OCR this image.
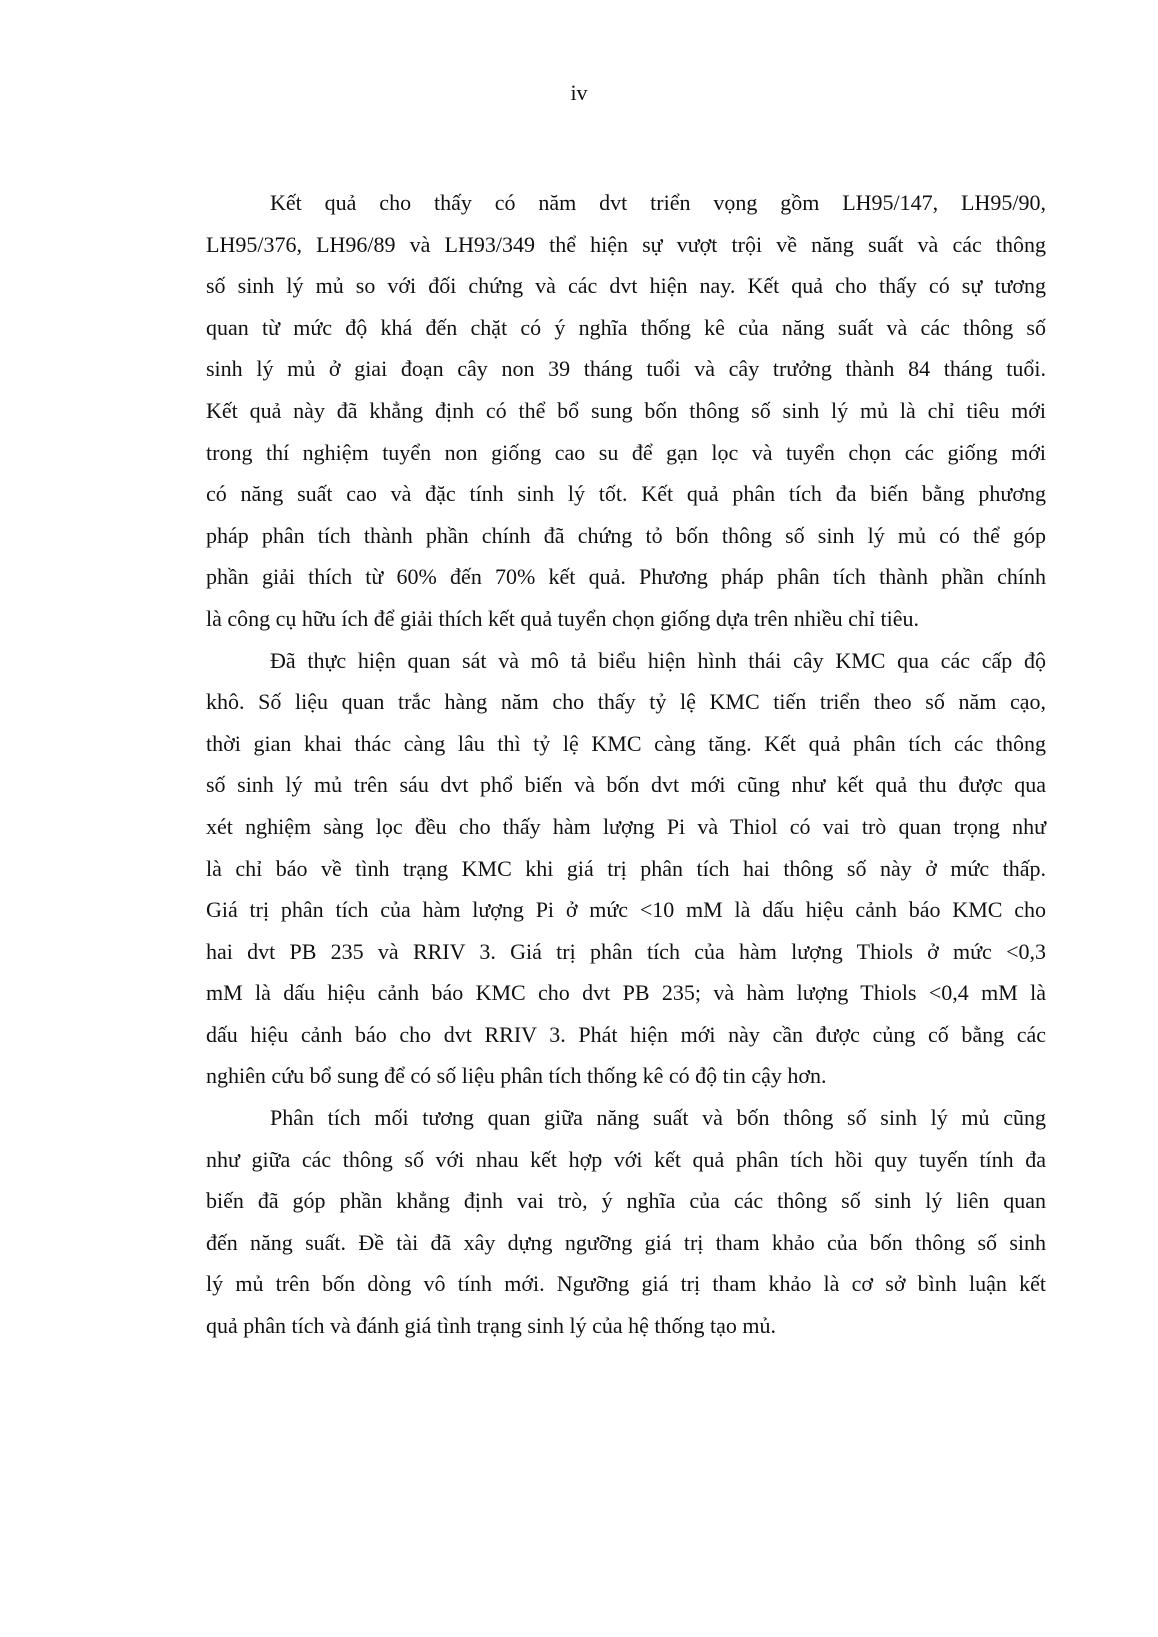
iv
Kết quả cho thấy có năm dvt triển vọng gồm LH95/147, LH95/90,
LH95/376, LH96/89 và LH93/349 thể hiện sự vượt trội về năng suất và các thông
số sinh lý mủ so với đối chứng và các dvt hiện nay. Kết quả cho thấy có sự tương
quan từ mức độ khá đến chặt có ý nghĩa thống kê của năng suất và các thông số
sinh lý mủ ở giai đoạn cây non 39 tháng tuổi và cây trưởng thành 84 tháng tuổi.
Kết quả này đã khẳng định có thể bổ sung bốn thông số sinh lý mủ là chỉ tiêu mới
trong thí nghiệm tuyển non giống cao su để gạn lọc và tuyển chọn các giống mới
có năng suất cao và đặc tính sinh lý tốt. Kết quả phân tích đa biến bằng phương
pháp phân tích thành phần chính đã chứng tỏ bốn thông số sinh lý mủ có thể góp
phần giải thích từ 60% đến 70% kết quả. Phương pháp phân tích thành phần chính
là công cụ hữu ích để giải thích kết quả tuyển chọn giống dựa trên nhiều chỉ tiêu.
Đã thực hiện quan sát và mô tả biểu hiện hình thái cây KMC qua các cấp độ
khô. Số liệu quan trắc hàng năm cho thấy tỷ lệ KMC tiến triển theo số năm cạo,
thời gian khai thác càng lâu thì tỷ lệ KMC càng tăng. Kết quả phân tích các thông
số sinh lý mủ trên sáu dvt phổ biến và bốn dvt mới cũng như kết quả thu được qua
xét nghiệm sàng lọc đều cho thấy hàm lượng Pi và Thiol có vai trò quan trọng như
là chỉ báo về tình trạng KMC khi giá trị phân tích hai thông số này ở mức thấp.
Giá trị phân tích của hàm lượng Pi ở mức <10 mM là dấu hiệu cảnh báo KMC cho
hai dvt PB 235 và RRIV 3. Giá trị phân tích của hàm lượng Thiols ở mức <0,3
mM là dấu hiệu cảnh báo KMC cho dvt PB 235; và hàm lượng Thiols <0,4 mM là
dấu hiệu cảnh báo cho dvt RRIV 3. Phát hiện mới này cần được củng cố bằng các
nghiên cứu bổ sung để có số liệu phân tích thống kê có độ tin cậy hơn.
Phân tích mối tương quan giữa năng suất và bốn thông số sinh lý mủ cũng
như giữa các thông số với nhau kết hợp với kết quả phân tích hồi quy tuyến tính đa
biến đã góp phần khẳng định vai trò, ý nghĩa của các thông số sinh lý liên quan
đến năng suất. Đề tài đã xây dựng ngưỡng giá trị tham khảo của bốn thông số sinh
lý mủ trên bốn dòng vô tính mới. Ngưỡng giá trị tham khảo là cơ sở bình luận kết
quả phân tích và đánh giá tình trạng sinh lý của hệ thống tạo mủ.
